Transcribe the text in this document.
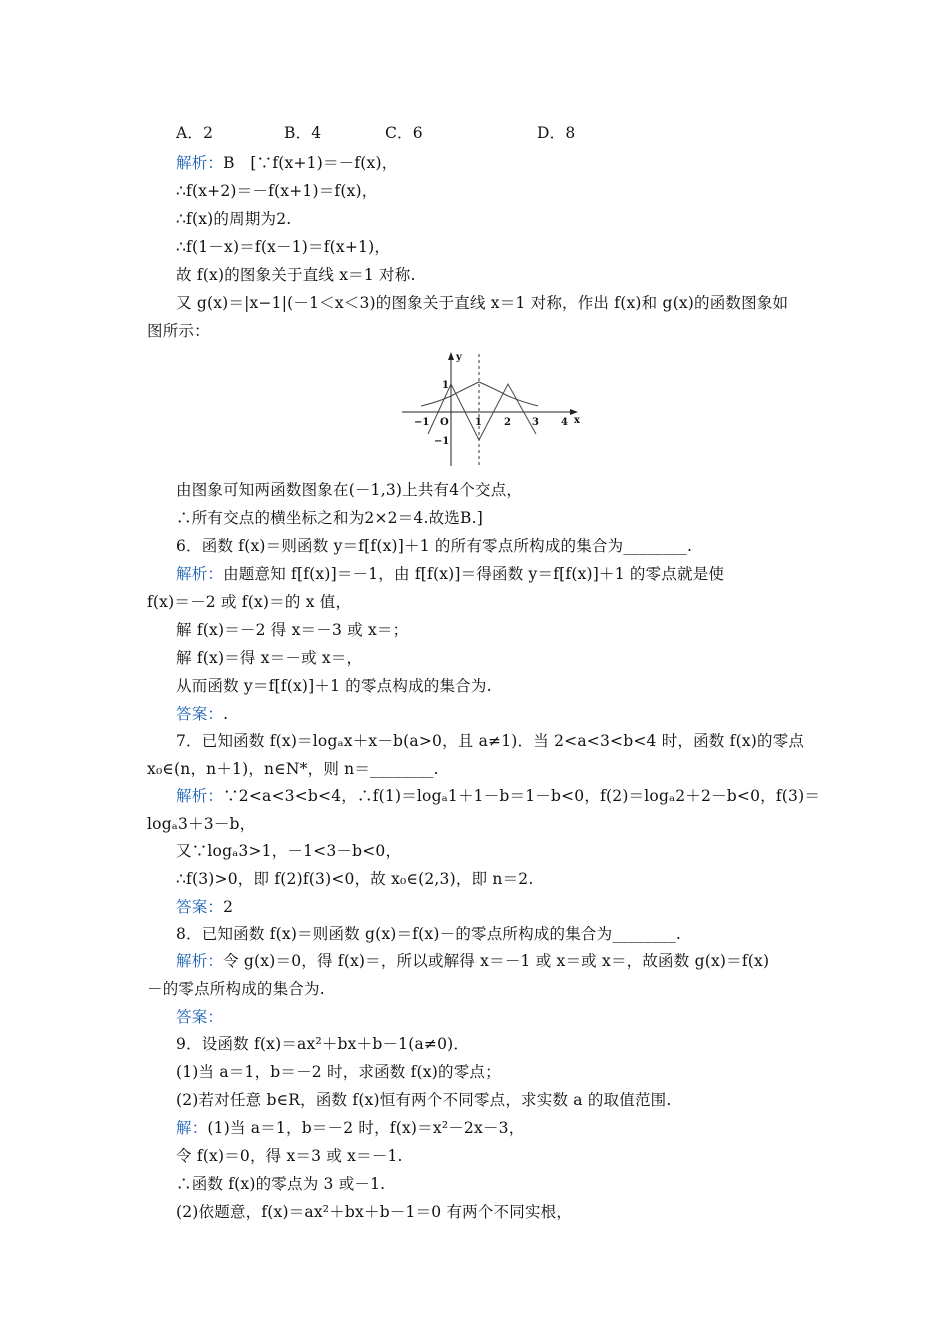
A．2	B．4	C．6	D．8
解析：B　[∵f(x+1)＝－f(x)，
∴f(x+2)＝－f(x+1)＝f(x)，
∴f(x)的周期为2.
∴f(1－x)＝f(x－1)＝f(x+1)，
故 f(x)的图象关于直线 x＝1 对称.
又 g(x)＝|x−1|(－1＜x＜3)的图象关于直线 x＝1 对称，作出 f(x)和 g(x)的函数图象如
图所示：
y
x
−1 O	1 2 3 4
1
−1
由图象可知两函数图象在(－1,3)上共有4个交点，
∴所有交点的横坐标之和为2×2＝4.故选B.]
6．函数 f(x)＝则函数 y＝f[f(x)]＋1 的所有零点所构成的集合为________.
解析：由题意知 f[f(x)]＝－1，由 f[f(x)]＝得函数 y＝f[f(x)]＋1 的零点就是使
f(x)＝－2 或 f(x)＝的 x 值，
解 f(x)＝－2 得 x＝－3 或 x＝；
解 f(x)＝得 x＝－或 x＝，
从而函数 y＝f[f(x)]＋1 的零点构成的集合为.
答案：.
7．已知函数 f(x)＝logₐx＋x－b(a>0，且 a≠1)．当 2<a<3<b<4 时，函数 f(x)的零点
x₀∈(n，n＋1)，n∈N*，则 n＝________.
解析：∵2<a<3<b<4，∴f(1)＝logₐ1＋1－b＝1－b<0，f(2)＝logₐ2＋2－b<0，f(3)＝
logₐ3＋3－b，
又∵logₐ3>1，－1<3－b<0，
∴f(3)>0，即 f(2)f(3)<0，故 x₀∈(2,3)，即 n＝2.
答案：2
8．已知函数 f(x)＝则函数 g(x)＝f(x)－的零点所构成的集合为________.
解析：令 g(x)＝0，得 f(x)＝，所以或解得 x＝－1 或 x＝或 x＝，故函数 g(x)＝f(x)
－的零点所构成的集合为.
答案：
9．设函数 f(x)＝ax²＋bx＋b－1(a≠0)．
(1)当 a＝1，b＝－2 时，求函数 f(x)的零点；
(2)若对任意 b∈R，函数 f(x)恒有两个不同零点，求实数 a 的取值范围.
解：(1)当 a＝1，b＝－2 时，f(x)＝x²－2x－3，
令 f(x)＝0，得 x＝3 或 x＝－1.
∴函数 f(x)的零点为 3 或－1.
(2)依题意，f(x)＝ax²＋bx＋b－1＝0 有两个不同实根，
